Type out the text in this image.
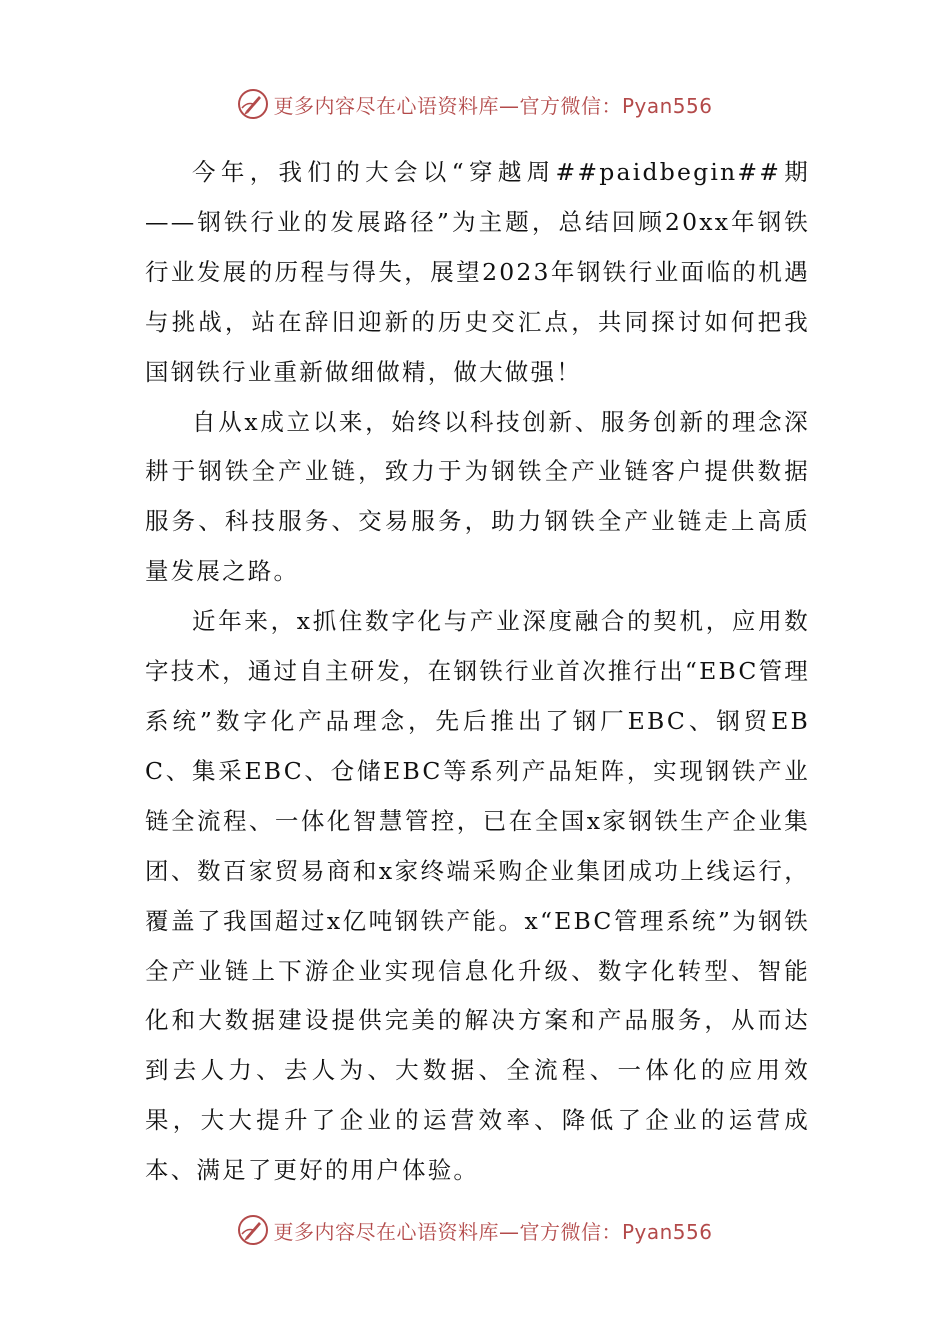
更多内容尽在心语资料库—官方微信：Pyan556

今年，我们的大会以“穿越周##paidbegin##期——钢铁行业的发展路径”为主题，总结回顾20xx年钢铁行业发展的历程与得失，展望2023年钢铁行业面临的机遇与挑战，站在辞旧迎新的历史交汇点，共同探讨如何把我国钢铁行业重新做细做精，做大做强！

自从x成立以来，始终以科技创新、服务创新的理念深耕于钢铁全产业链，致力于为钢铁全产业链客户提供数据服务、科技服务、交易服务，助力钢铁全产业链走上高质量发展之路。

近年来，x抓住数字化与产业深度融合的契机，应用数字技术，通过自主研发，在钢铁行业首次推行出“EBC管理系统”数字化产品理念，先后推出了钢厂EBC、钢贸EBC、集采EBC、仓储EBC等系列产品矩阵，实现钢铁产业链全流程、一体化智慧管控，已在全国x家钢铁生产企业集团、数百家贸易商和x家终端采购企业集团成功上线运行，覆盖了我国超过x亿吨钢铁产能。x“EBC管理系统”为钢铁全产业链上下游企业实现信息化升级、数字化转型、智能化和大数据建设提供完美的解决方案和产品服务，从而达到去人力、去人为、大数据、全流程、一体化的应用效果，大大提升了企业的运营效率、降低了企业的运营成本、满足了更好的用户体验。

更多内容尽在心语资料库—官方微信：Pyan556
